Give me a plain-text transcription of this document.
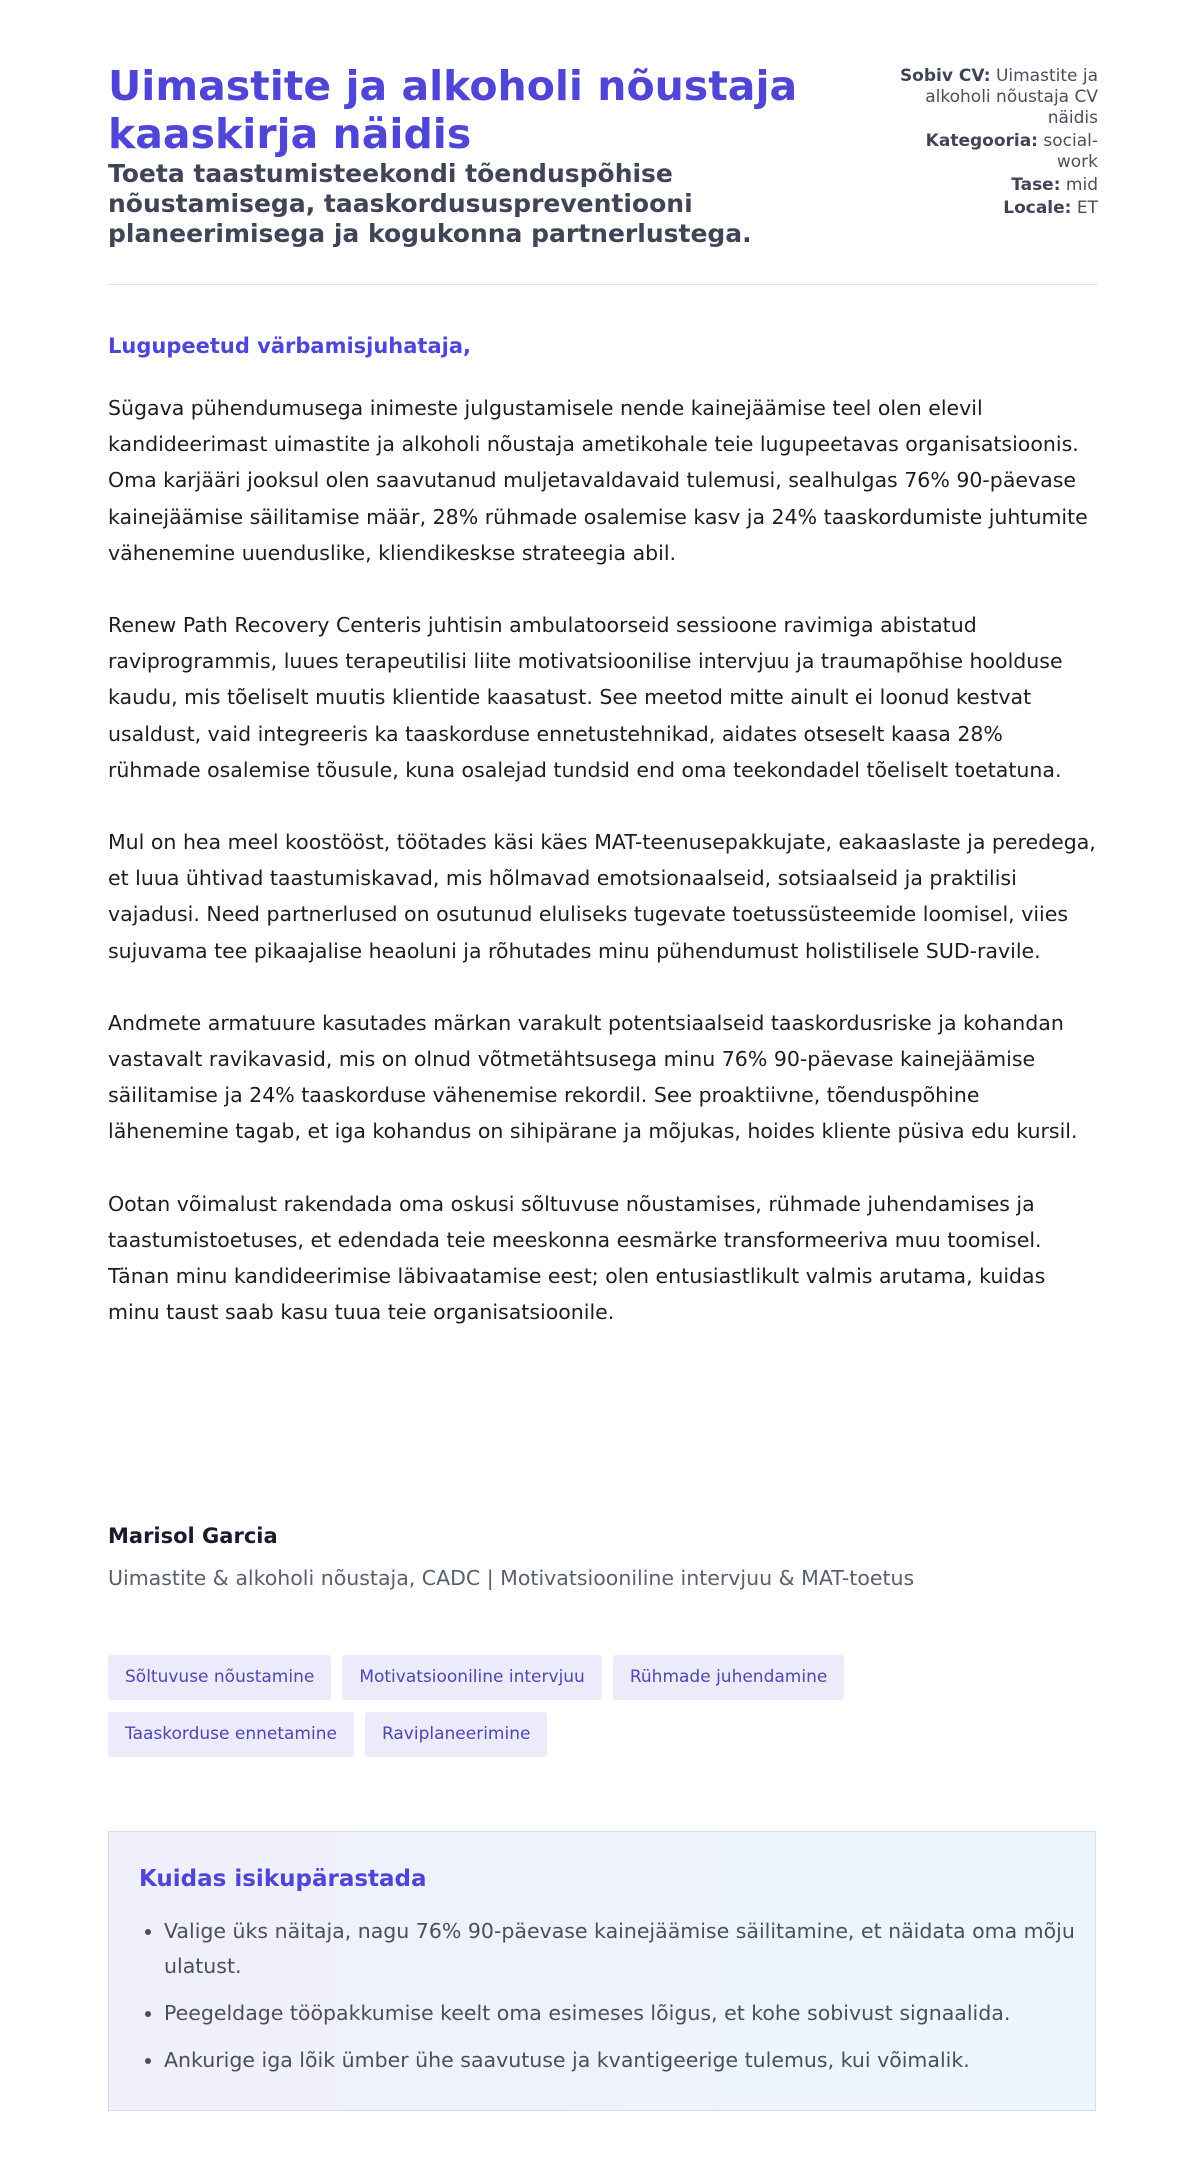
Uimastite ja alkoholi nõustaja kaaskirja näidis
Toeta taastumisteekondi tõenduspõhise nõustamisega, taaskordususpreventiooni planeerimisega ja kogukonna partnerlustega.
Sobiv CV: Uimastite ja alkoholi nõustaja CV näidis
Kategooria: social-work
Tase: mid
Locale: ET

Lugupeetud värbamisjuhataja,

Sügava pühendumusega inimeste julgustamisele nende kainejäämise teel olen elevil kandideerimast uimastite ja alkoholi nõustaja ametikohale teie lugupeetavas organisatsioonis. Oma karjääri jooksul olen saavutanud muljetavaldavaid tulemusi, sealhulgas 76% 90-päevase kainejäämise säilitamise määr, 28% rühmade osalemise kasv ja 24% taaskordumiste juhtumite vähenemine uuenduslike, kliendikeskse strateegia abil.

Renew Path Recovery Centeris juhtisin ambulatoorseid sessioone ravimiga abistatud raviprogrammis, luues terapeutilisi liite motivatsioonilise intervjuu ja traumapõhise hoolduse kaudu, mis tõeliselt muutis klientide kaasatust. See meetod mitte ainult ei loonud kestvat usaldust, vaid integreeris ka taaskorduse ennetustehnikad, aidates otseselt kaasa 28% rühmade osalemise tõusule, kuna osalejad tundsid end oma teekondadel tõeliselt toetatuna.

Mul on hea meel koostööst, töötades käsi käes MAT-teenusepakkujate, eakaaslaste ja peredega, et luua ühtivad taastumiskavad, mis hõlmavad emotsionaalseid, sotsiaalseid ja praktilisi vajadusi. Need partnerlused on osutunud eluliseks tugevate toetussüsteemide loomisel, viies sujuvama tee pikaajalise heaoluni ja rõhutades minu pühendumust holistilisele SUD-ravile.

Andmete armatuure kasutades märkan varakult potentsiaalseid taaskordusriske ja kohandan vastavalt ravikavasid, mis on olnud võtmetähtsusega minu 76% 90-päevase kainejäämise säilitamise ja 24% taaskorduse vähenemise rekordil. See proaktiivne, tõenduspõhine lähenemine tagab, et iga kohandus on sihipärane ja mõjukas, hoides kliente püsiva edu kursil.

Ootan võimalust rakendada oma oskusi sõltuvuse nõustamises, rühmade juhendamises ja taastumistoetuses, et edendada teie meeskonna eesmärke transformeeriva muu toomisel. Tänan minu kandideerimise läbivaatamise eest; olen entusiastlikult valmis arutama, kuidas minu taust saab kasu tuua teie organisatsioonile.

Marisol Garcia

Uimastite & alkoholi nõustaja, CADC | Motivatsiooniline intervjuu & MAT-toetus

Sõltuvuse nõustamine	Motivatsiooniline intervjuu	Rühmade juhendamine
Taaskorduse ennetamine	Raviplaneerimine
Kuidas isikupärastada
• Valige üks näitaja, nagu 76% 90-päevase kainejäämise säilitamine, et näidata oma mõju ulatust.
• Peegeldage tööpakkumise keelt oma esimeses lõigus, et kohe sobivust signaalida.
• Ankurige iga lõik ümber ühe saavutuse ja kvantigeerige tulemus, kui võimalik.
